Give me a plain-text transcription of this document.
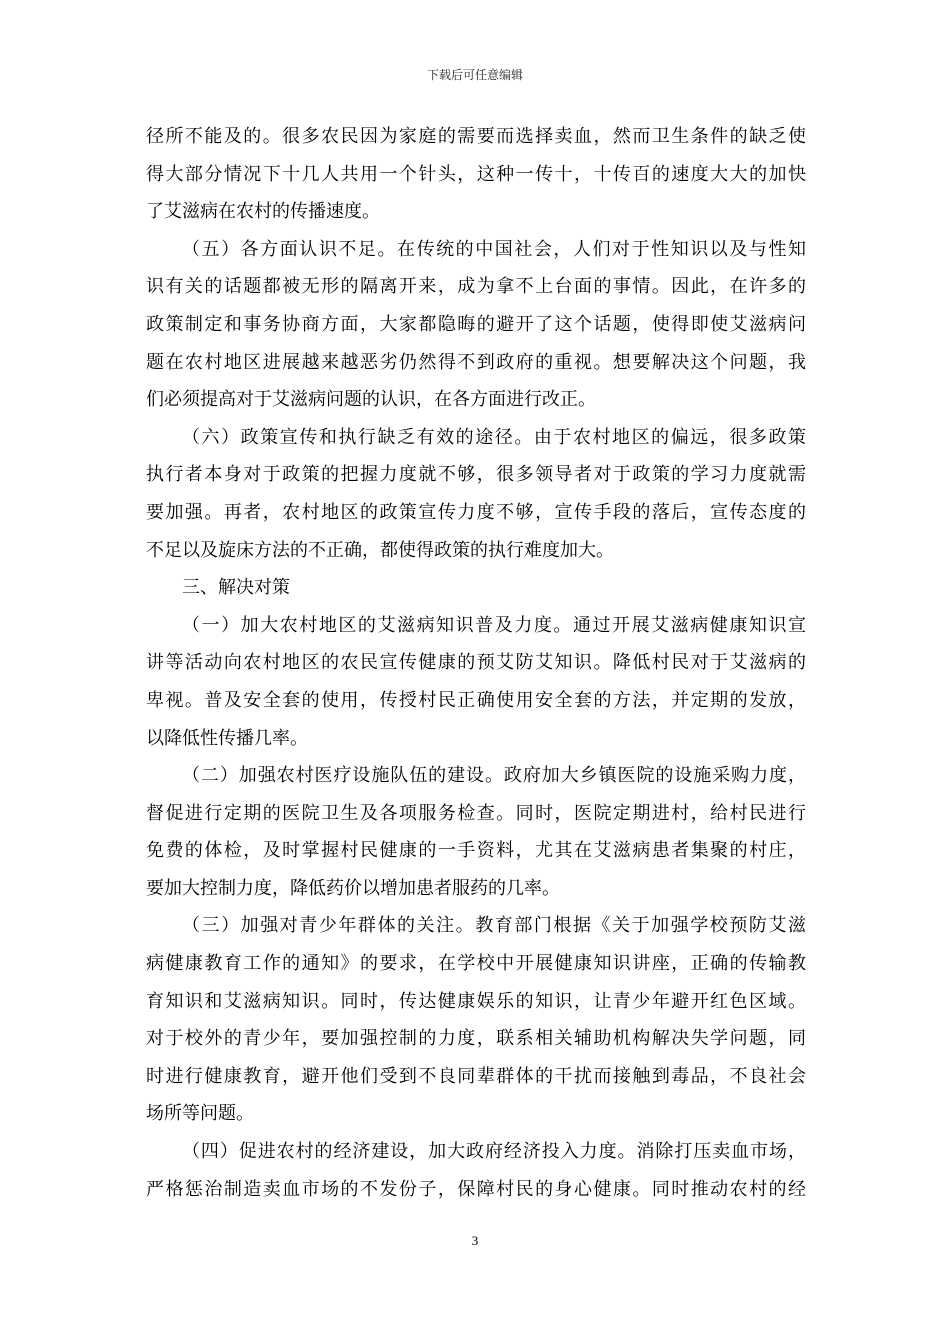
下载后可任意编辑

径所不能及的。很多农民因为家庭的需要而选择卖血，然而卫生条件的缺乏使

得大部分情况下十几人共用一个针头，这种一传十，十传百的速度大大的加快

了艾滋病在农村的传播速度。

（五）各方面认识不足。在传统的中国社会，人们对于性知识以及与性知

识有关的话题都被无形的隔离开来，成为拿不上台面的事情。因此，在许多的

政策制定和事务协商方面，大家都隐晦的避开了这个话题，使得即使艾滋病问

题在农村地区进展越来越恶劣仍然得不到政府的重视。想要解决这个问题，我

们必须提高对于艾滋病问题的认识，在各方面进行改正。

（六）政策宣传和执行缺乏有效的途径。由于农村地区的偏远，很多政策

执行者本身对于政策的把握力度就不够，很多领导者对于政策的学习力度就需

要加强。再者，农村地区的政策宣传力度不够，宣传手段的落后，宣传态度的

不足以及旋床方法的不正确，都使得政策的执行难度加大。

三、解决对策

（一）加大农村地区的艾滋病知识普及力度。通过开展艾滋病健康知识宣

讲等活动向农村地区的农民宣传健康的预艾防艾知识。降低村民对于艾滋病的

卑视。普及安全套的使用，传授村民正确使用安全套的方法，并定期的发放，

以降低性传播几率。

（二）加强农村医疗设施队伍的建设。政府加大乡镇医院的设施采购力度，

督促进行定期的医院卫生及各项服务检查。同时，医院定期进村，给村民进行

免费的体检，及时掌握村民健康的一手资料，尤其在艾滋病患者集聚的村庄，

要加大控制力度，降低药价以增加患者服药的几率。

（三）加强对青少年群体的关注。教育部门根据《关于加强学校预防艾滋

病健康教育工作的通知》的要求，在学校中开展健康知识讲座，正确的传输教

育知识和艾滋病知识。同时，传达健康娱乐的知识，让青少年避开红色区域。

对于校外的青少年，要加强控制的力度，联系相关辅助机构解决失学问题，同

时进行健康教育，避开他们受到不良同辈群体的干扰而接触到毒品，不良社会

场所等问题。

（四）促进农村的经济建设，加大政府经济投入力度。消除打压卖血市场，

严格惩治制造卖血市场的不发份子，保障村民的身心健康。同时推动农村的经

3
